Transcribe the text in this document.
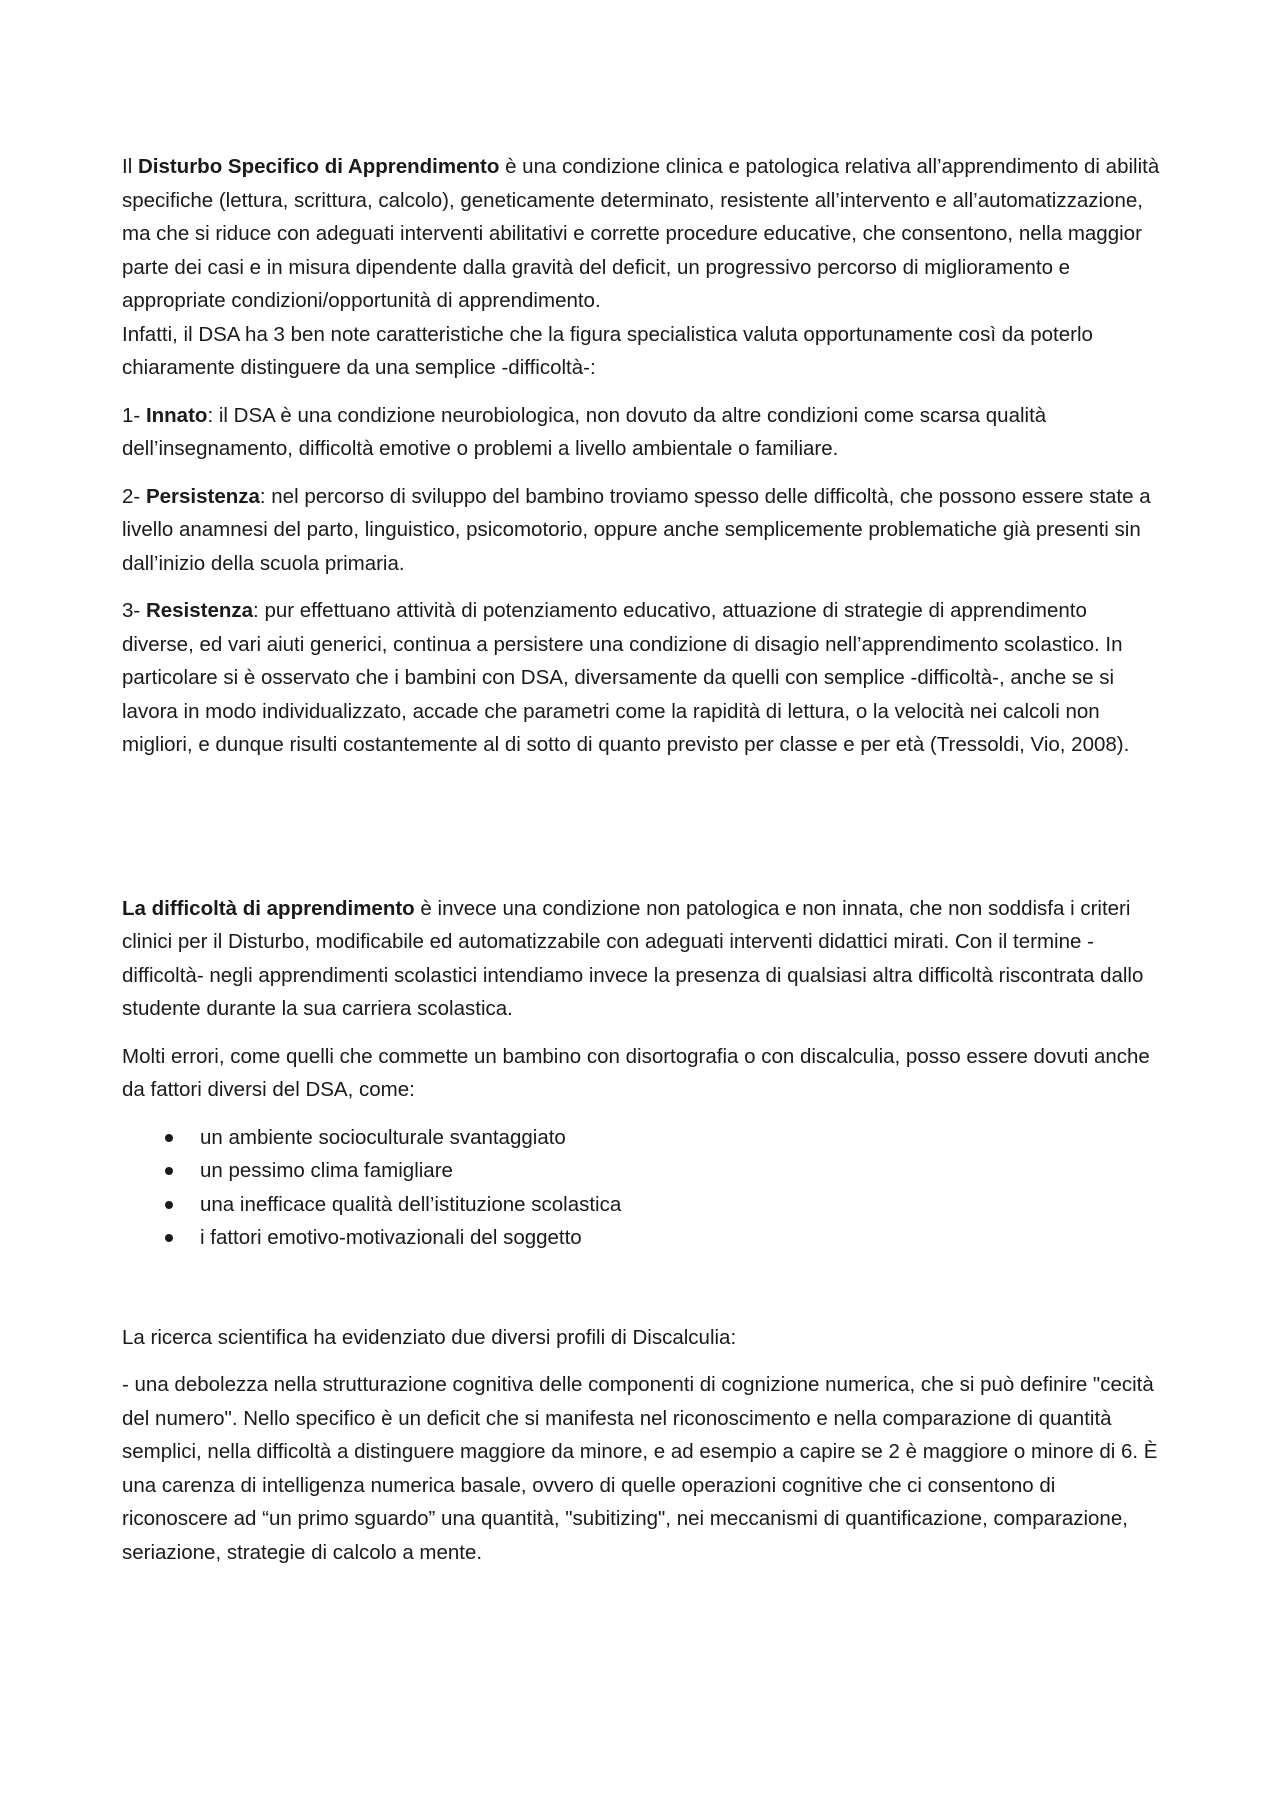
Il Disturbo Specifico di Apprendimento è una condizione clinica e patologica relativa all’apprendimento di abilità specifiche (lettura, scrittura, calcolo), geneticamente determinato, resistente all’intervento e all’automatizzazione,

ma che si riduce con adeguati interventi abilitativi e corrette procedure educative, che consentono, nella maggior parte dei casi e in misura dipendente dalla gravità del deficit, un progressivo percorso di miglioramento e appropriate condizioni/opportunità di apprendimento.

Infatti, il DSA ha 3 ben note caratteristiche che la figura specialistica valuta opportunamente così da poterlo chiaramente distinguere da una semplice -difficoltà-:

1- Innato: il DSA è una condizione neurobiologica, non dovuto da altre condizioni come scarsa qualità dell’insegnamento, difficoltà emotive o problemi a livello ambientale o familiare.

2- Persistenza: nel percorso di sviluppo del bambino troviamo spesso delle difficoltà, che possono essere state a livello anamnesi del parto, linguistico, psicomotorio, oppure anche semplicemente problematiche già presenti sin dall’inizio della scuola primaria.

3- Resistenza: pur effettuano attività di potenziamento educativo, attuazione di strategie di apprendimento diverse, ed vari aiuti generici, continua a persistere una condizione di disagio nell’apprendimento scolastico. In particolare si è osservato che i bambini con DSA, diversamente da quelli con semplice -difficoltà-, anche se si lavora in modo individualizzato, accade che parametri come la rapidità di lettura, o la velocità nei calcoli non migliori, e dunque risulti costantemente al di sotto di quanto previsto per classe e per età (Tressoldi, Vio, 2008).

La difficoltà di apprendimento è invece una condizione non patologica e non innata, che non soddisfa i criteri clinici per il Disturbo, modificabile ed automatizzabile con adeguati interventi didattici mirati. Con il termine -difficoltà- negli apprendimenti scolastici intendiamo invece la presenza di qualsiasi altra difficoltà riscontrata dallo studente durante la sua carriera scolastica.

Molti errori, come quelli che commette un bambino con disortografia o con discalculia, posso essere dovuti anche da fattori diversi del DSA, come:

un ambiente socioculturale svantaggiato
un pessimo clima famigliare
una inefficace qualità dell’istituzione scolastica
i fattori emotivo-motivazionali del soggetto

La ricerca scientifica ha evidenziato due diversi profili di Discalculia:

- una debolezza nella strutturazione cognitiva delle componenti di cognizione numerica, che si può definire "cecità del numero". Nello specifico è un deficit che si manifesta nel riconoscimento e nella comparazione di quantità semplici, nella difficoltà a distinguere maggiore da minore, e ad esempio a capire se 2 è maggiore o minore di 6. È una carenza di intelligenza numerica basale, ovvero di quelle operazioni cognitive che ci consentono di riconoscere ad “un primo sguardo” una quantità, "subitizing", nei meccanismi di quantificazione, comparazione, seriazione, strategie di calcolo a mente.
